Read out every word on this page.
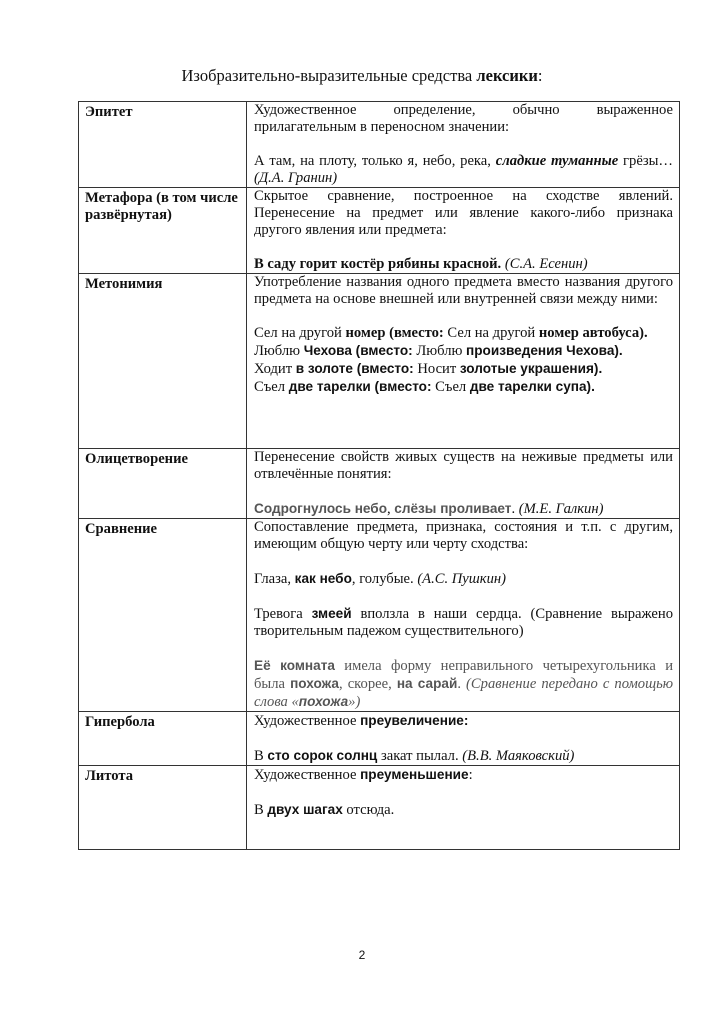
Изобразительно-выразительные средства лексики:
Эпитет	Художественное определение, обычно выраженное прилагательным в переносном значении:

А там, на плоту, только я, небо, река, сладкие туманные грёзы… (Д.А. Гранин)

Метафора (в том числе развёрнутая)	Скрытое сравнение, построенное на сходстве явлений. Перенесение на предмет или явление какого-либо признака другого явления или предмета:

В саду горит костёр рябины красной. (С.А. Есенин)

Метонимия	Употребление названия одного предмета вместо названия другого предмета на основе внешней или внутренней связи между ними:

Сел на другой номер (вместо: Сел на другой номер автобуса).

Люблю Чехова (вместо: Люблю произведения Чехова).

Ходит в золоте (вместо: Носит золотые украшения).

Съел две тарелки (вместо: Съел две тарелки супа).

Олицетворение	Перенесение свойств живых существ на неживые предметы или отвлечённые понятия:

Содрогнулось небо, слёзы проливает. (М.Е. Галкин)

Сравнение	Сопоставление предмета, признака, состояния и т.п. с другим, имеющим общую черту или черту сходства:

Глаза, как небо, голубые. (А.С. Пушкин)

Тревога змеей вползла в наши сердца. (Сравнение выражено творительным падежом существительного)

Её комната имела форму неправильного четырехугольника и была похожа, скорее, на сарай. (Сравнение передано с помощью слова «похожа»)

Гипербола	Художественное преувеличение:

В сто сорок солнц закат пылал. (В.В. Маяковский)

Литота	Художественное преуменьшение:

В двух шагах отсюда.

2
